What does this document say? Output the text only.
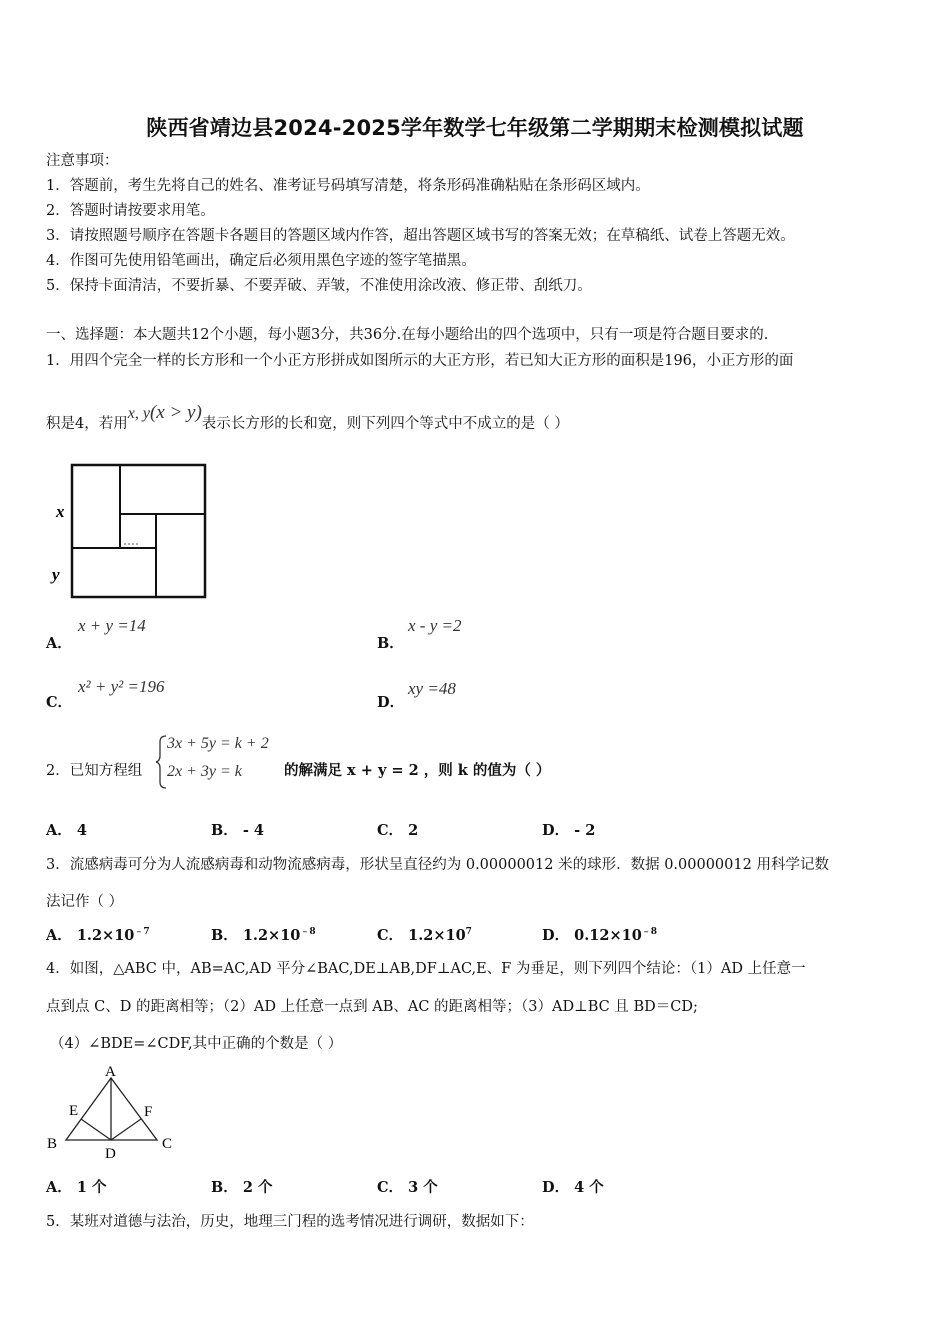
陕西省靖边县2024-2025学年数学七年级第二学期期末检测模拟试题
注意事项：
1．答题前，考生先将自己的姓名、准考证号码填写清楚，将条形码准确粘贴在条形码区域内。
2．答题时请按要求用笔。
3．请按照题号顺序在答题卡各题目的答题区域内作答，超出答题区域书写的答案无效；在草稿纸、试卷上答题无效。
4．作图可先使用铅笔画出，确定后必须用黑色字迹的签字笔描黑。
5．保持卡面清洁，不要折暴、不要弄破、弄皱，不准使用涂改液、修正带、刮纸刀。
一、选择题：本大题共12个小题，每小题3分，共36分.在每小题给出的四个选项中，只有一项是符合题目要求的.
1．用四个完全一样的长方形和一个小正方形拼成如图所示的大正方形，若已知大正方形的面积是196，小正方形的面
积是4，若用x, y(x > y)表示长方形的长和宽，则下列四个等式中不成立的是（ ）
x
y
A．
x + y =14
B．
x - y =2
C．
x² + y² =196
D．
xy =48
2．已知方程组
3x + 5y = k + 2
2x + 3y = k	的解满足 x + y = 2 ，则 k 的值为（ ）
A． 4	B． - 4	C． 2	D． - 2
3．流感病毒可分为人流感病毒和动物流感病毒，形状呈直径约为 0.00000012 米的球形．数据 0.00000012 用科学记数
法记作（ ）
A． $1.2\times 10^{﹣7}$	B． $1.2\times 10^{﹣8}$	C． $1.2\times 10^7$	D． $0.12\times 10^{﹣8}$
4．如图，△ABC 中，AB=AC,AD 平分∠BAC,DE⊥AB,DF⊥AC,E、F 为垂足，则下列四个结论：（1）AD 上任意一
点到点 C、D 的距离相等；（2）AD 上任意一点到 AB、AC 的距离相等；（3）AD⊥BC 且 BD＝CD;
（4）∠BDE=∠CDF,其中正确的个数是（ ）
A
B	C
D
E	F
A． 1 个	B． 2 个	C． 3 个	D． 4 个
5．某班对道德与法治，历史，地理三门程的选考情况进行调研，数据如下：
